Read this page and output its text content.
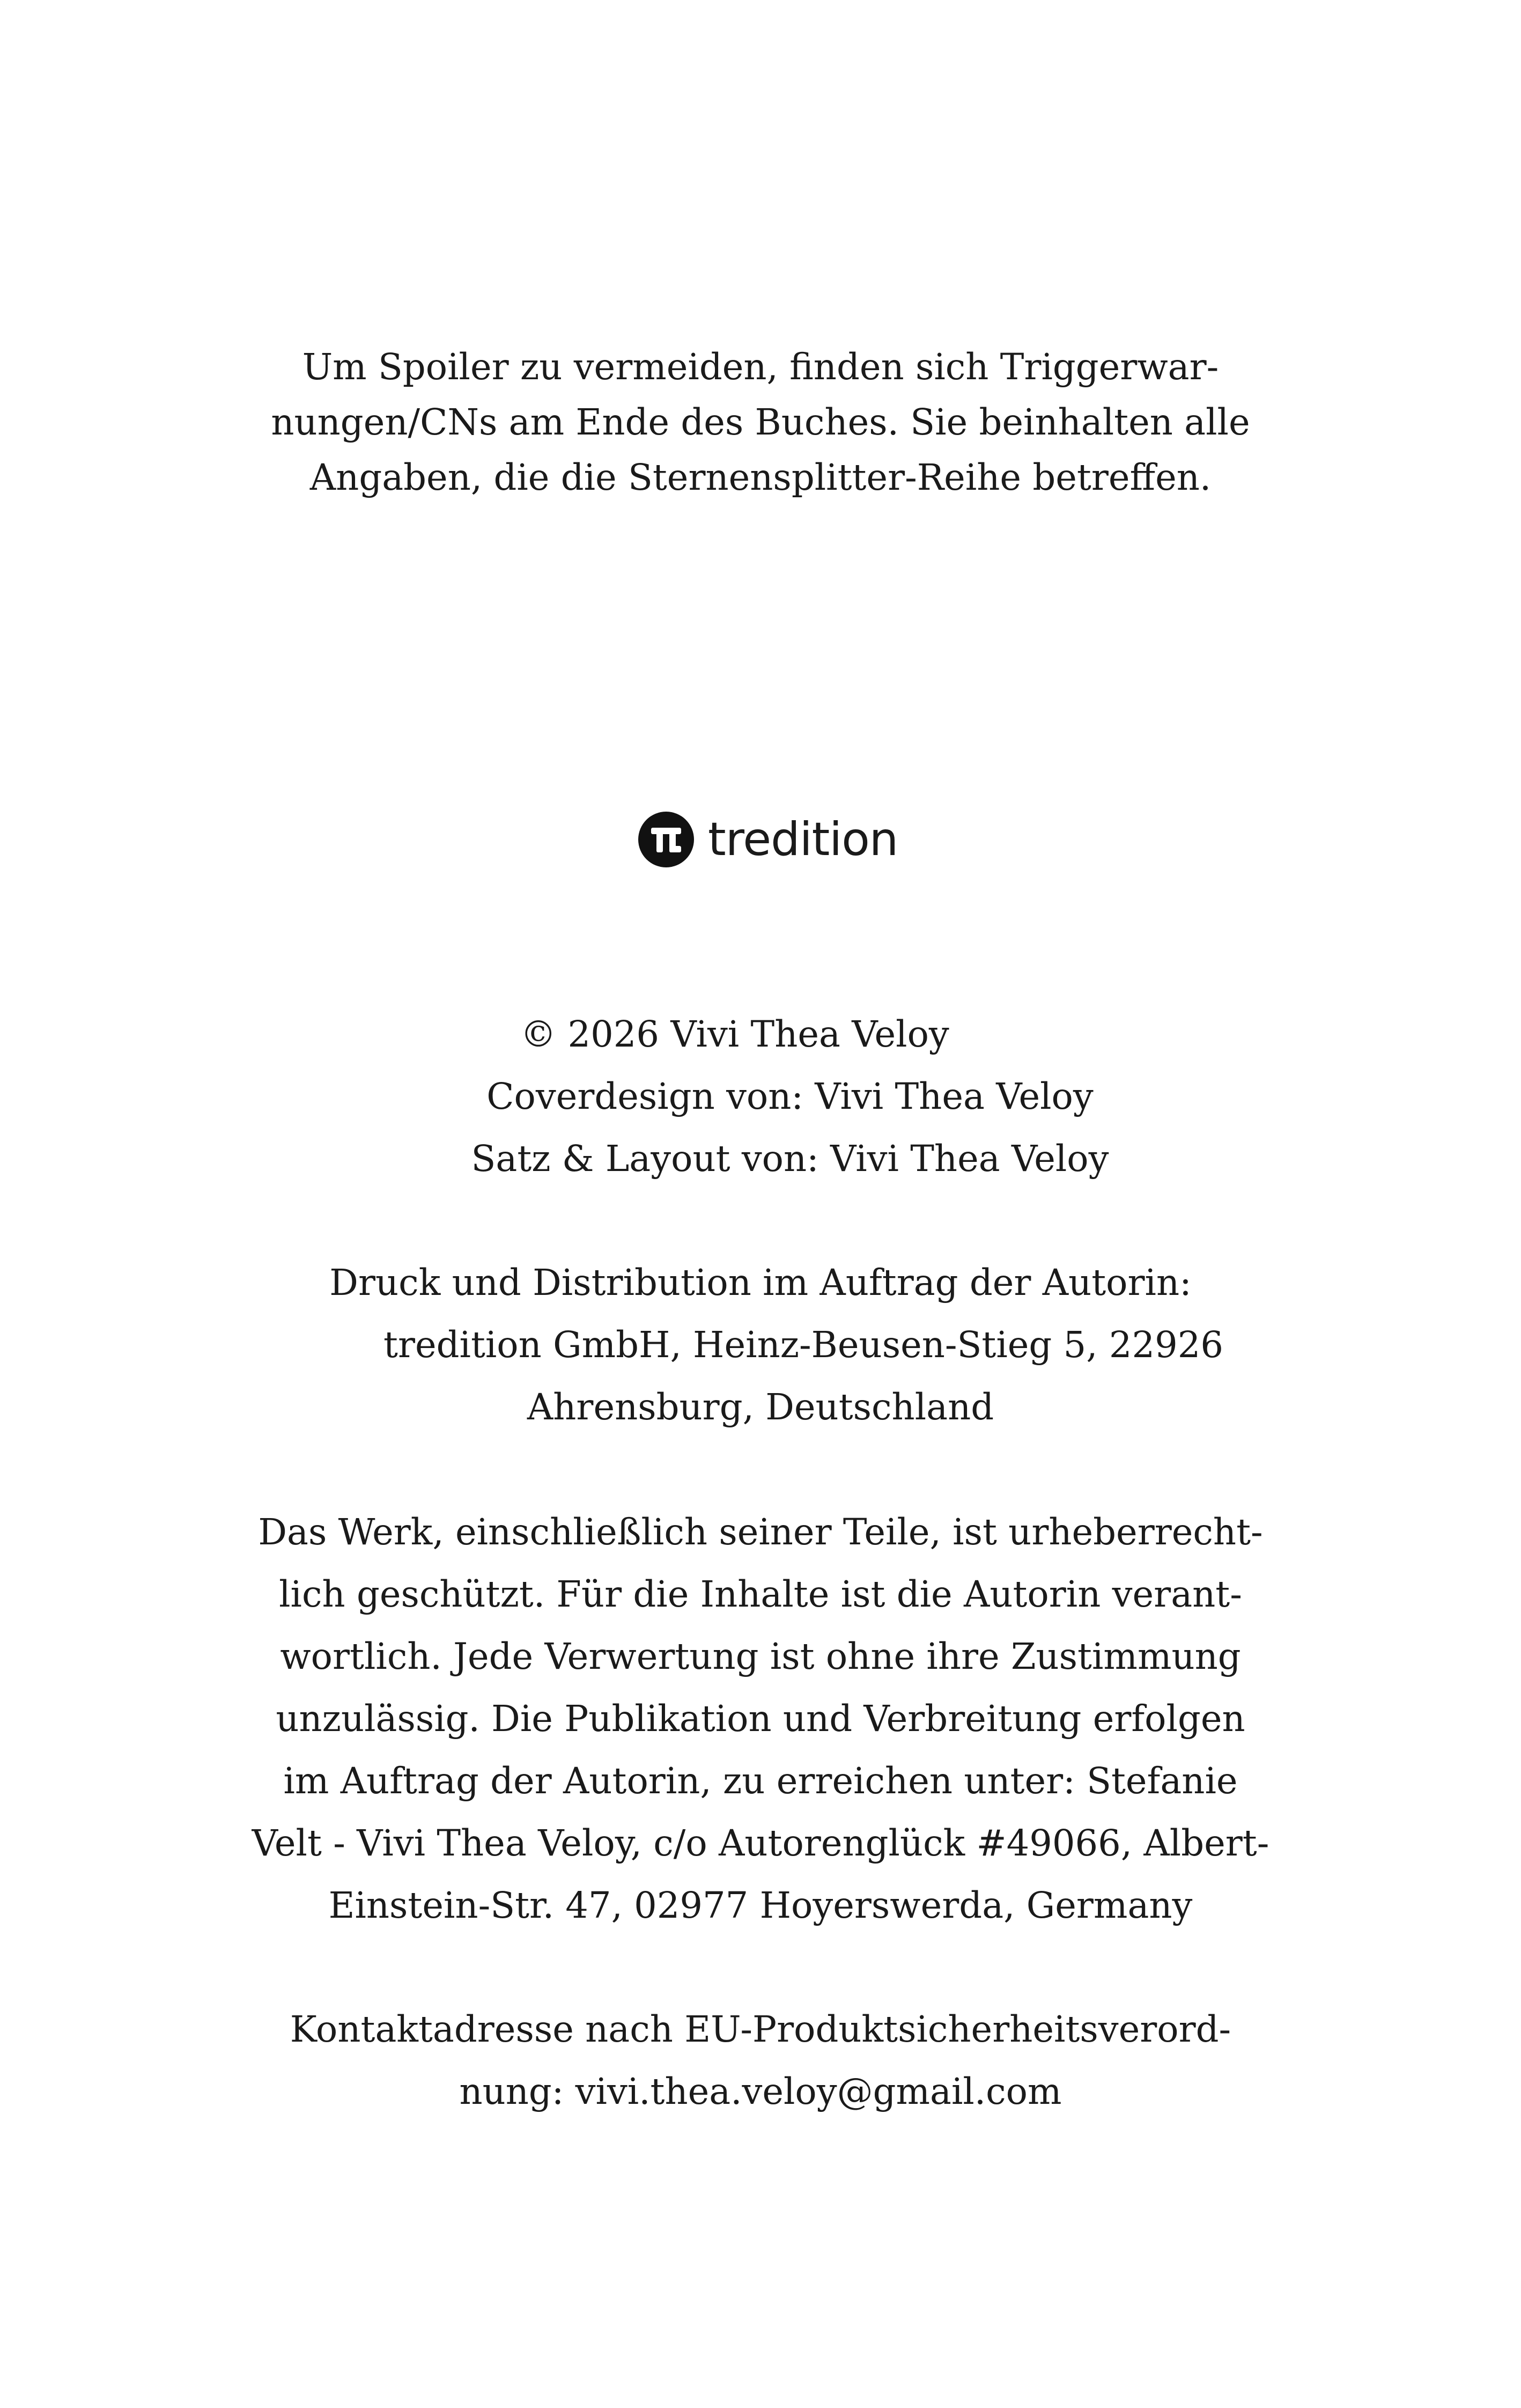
Um Spoiler zu vermeiden, finden sich Triggerwar-
nungen/CNs am Ende des Buches. Sie beinhalten alle
Angaben, die die Sternensplitter-Reihe betreffen.
tredition
© 2026 Vivi Thea Veloy
Coverdesign von: Vivi Thea Veloy
Satz & Layout von: Vivi Thea Veloy
Druck und Distribution im Auftrag der Autorin:
tredition GmbH, Heinz-Beusen-Stieg 5, 22926
Ahrensburg, Deutschland
Das Werk, einschließlich seiner Teile, ist urheberrecht-
lich geschützt. Für die Inhalte ist die Autorin verant-
wortlich. Jede Verwertung ist ohne ihre Zustimmung
unzulässig. Die Publikation und Verbreitung erfolgen
im Auftrag der Autorin, zu erreichen unter: Stefanie
Velt - Vivi Thea Veloy, c/o Autorenglück #49066, Albert-
Einstein-Str. 47, 02977 Hoyerswerda, Germany
Kontaktadresse nach EU-Produktsicherheitsverord-
nung: vivi.thea.veloy@gmail.com
